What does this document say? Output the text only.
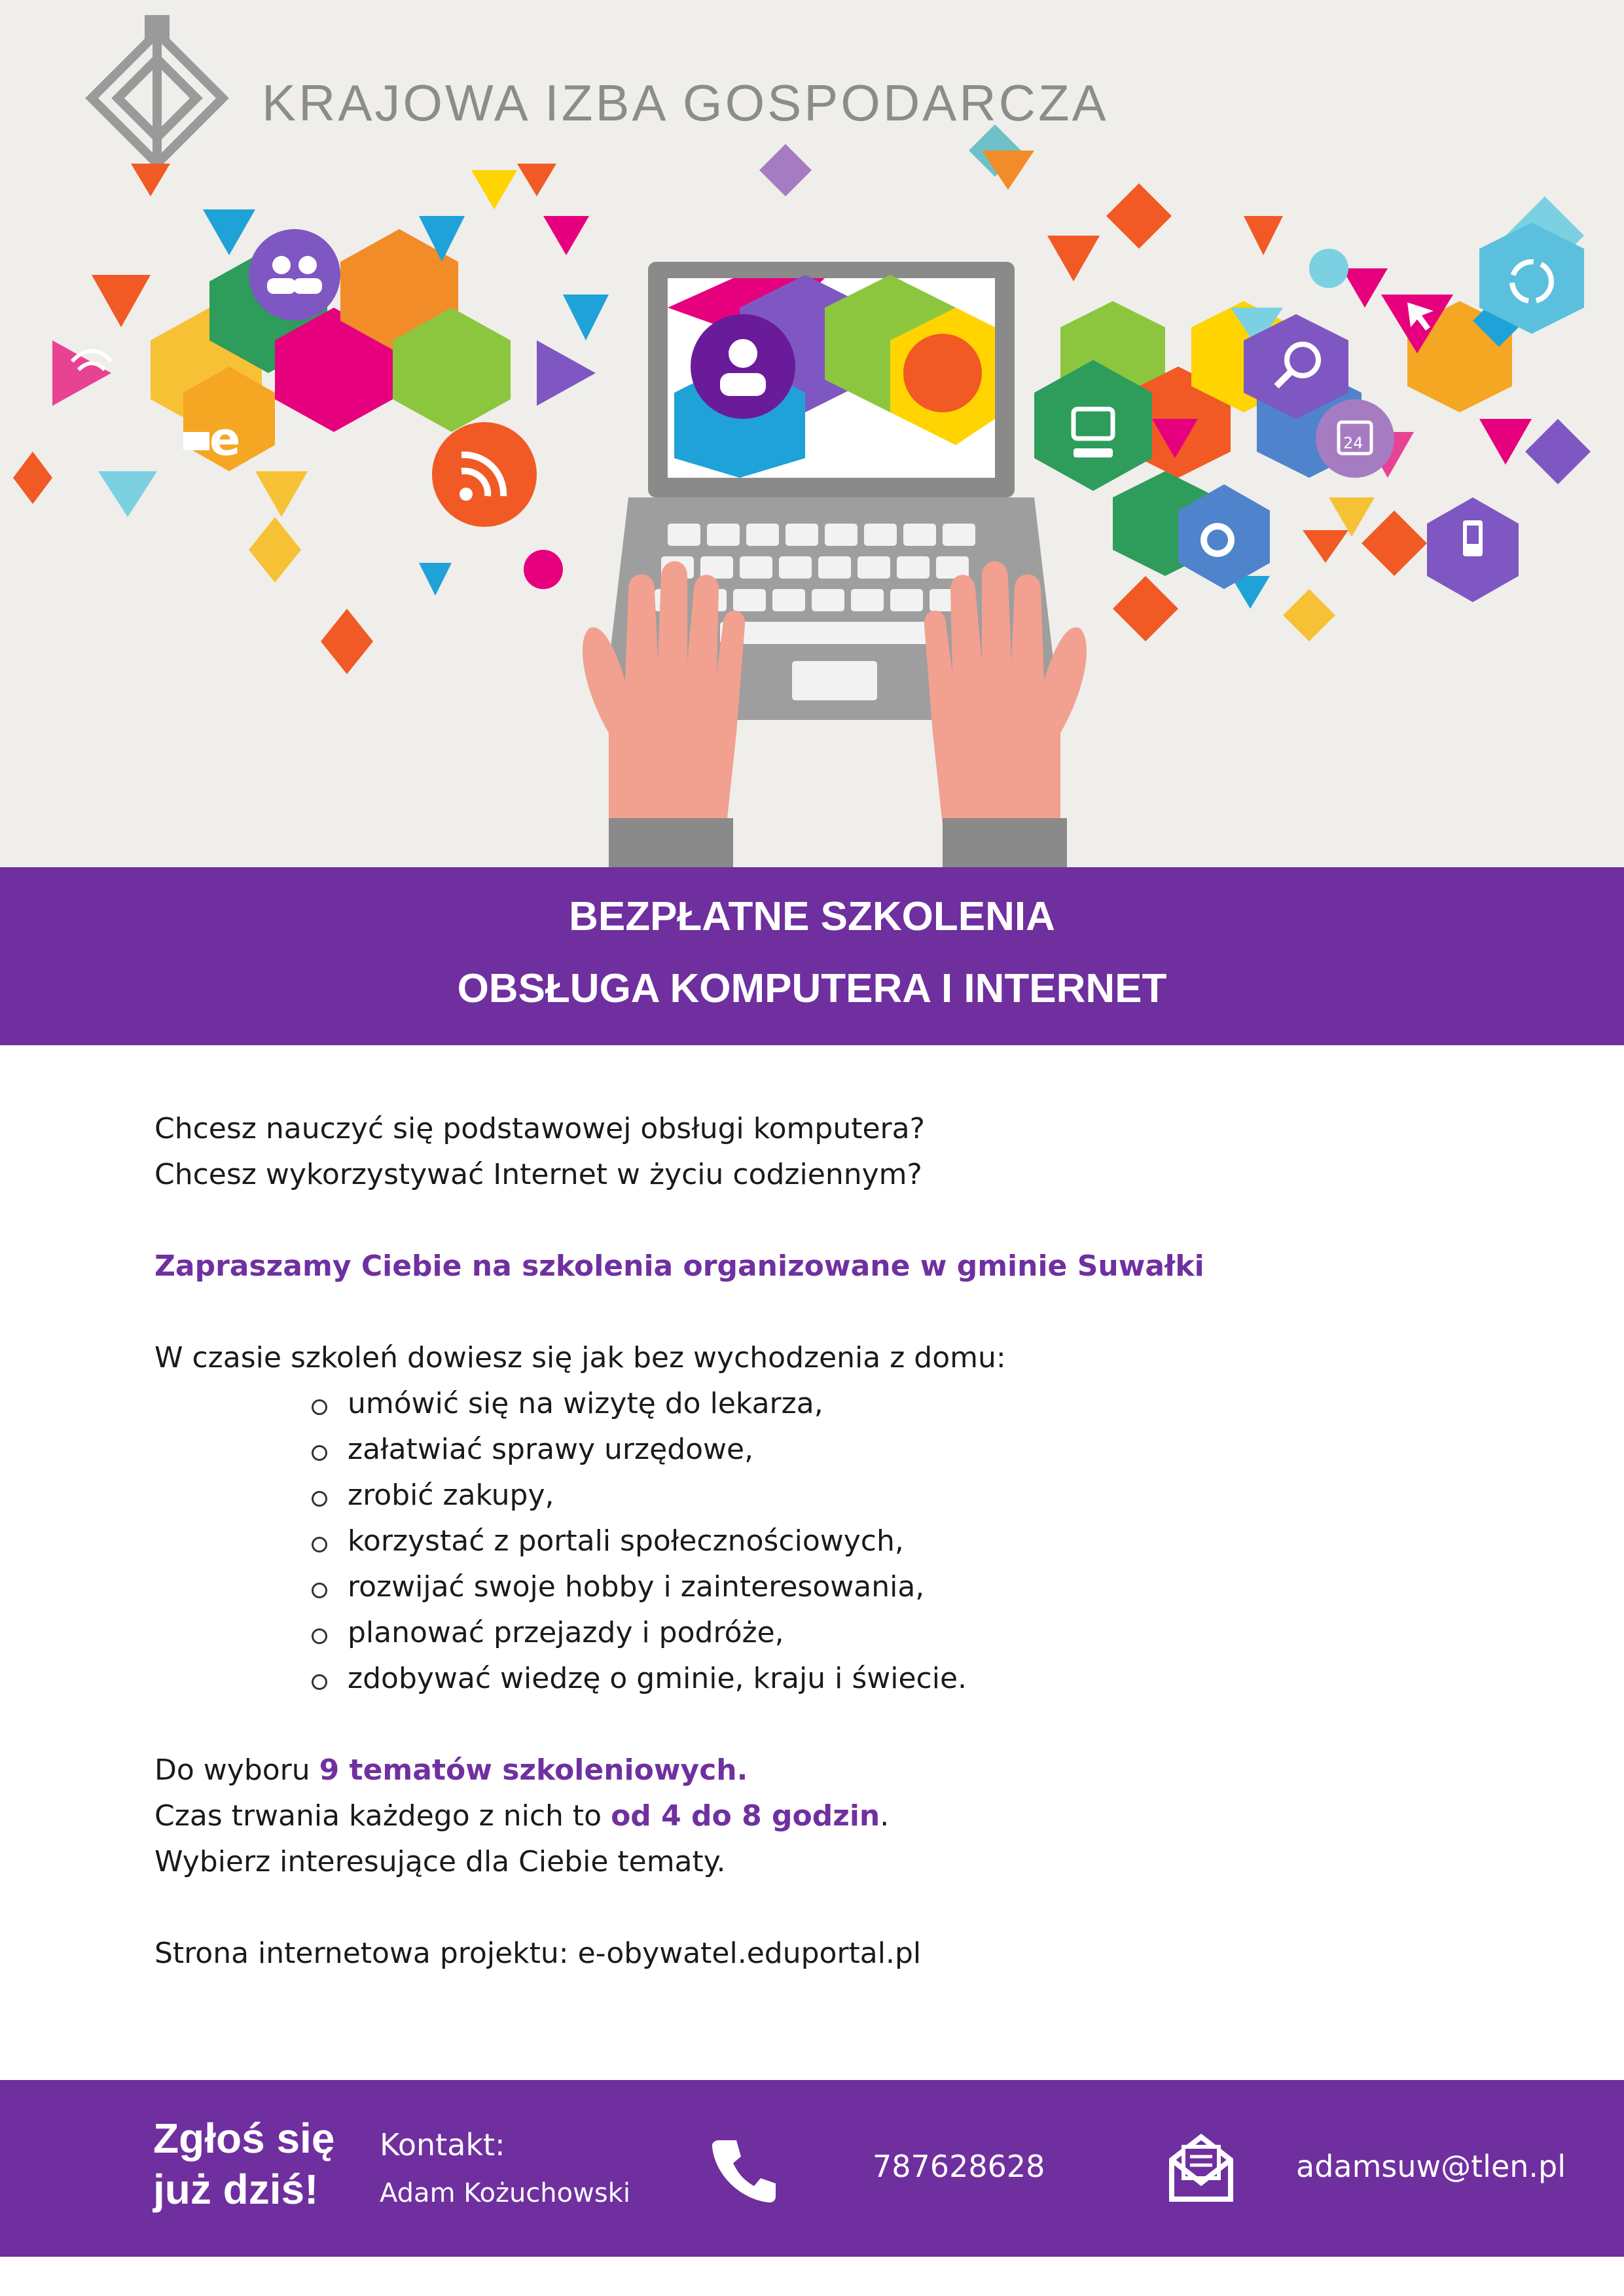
e	24
KRAJOWA IZBA GOSPODARCZA
BEZPŁATNE SZKOLENIA
OBSŁUGA KOMPUTERA I INTERNET

Chcesz nauczyć się podstawowej obsługi komputera?

Chcesz wykorzystywać Internet w życiu codziennym?

Zapraszamy Ciebie na szkolenia organizowane w gminie Suwałki

W czasie szkoleń dowiesz się jak bez wychodzenia z domu:

umówić się na wizytę do lekarza,
załatwiać sprawy urzędowe,
zrobić zakupy,
korzystać z portali społecznościowych,
rozwijać swoje hobby i zainteresowania,
planować przejazdy i podróże,
zdobywać wiedzę o gminie, kraju i świecie.

Do wyboru 9 tematów szkoleniowych.

Czas trwania każdego z nich to od 4 do 8 godzin.

Wybierz interesujące dla Ciebie tematy.

Strona internetowa projektu: e-obywatel.eduportal.pl

Zgłoś się
już dziś!
Kontakt:
Adam Kożuchowski
787628628	adamsuw@tlen.pl
